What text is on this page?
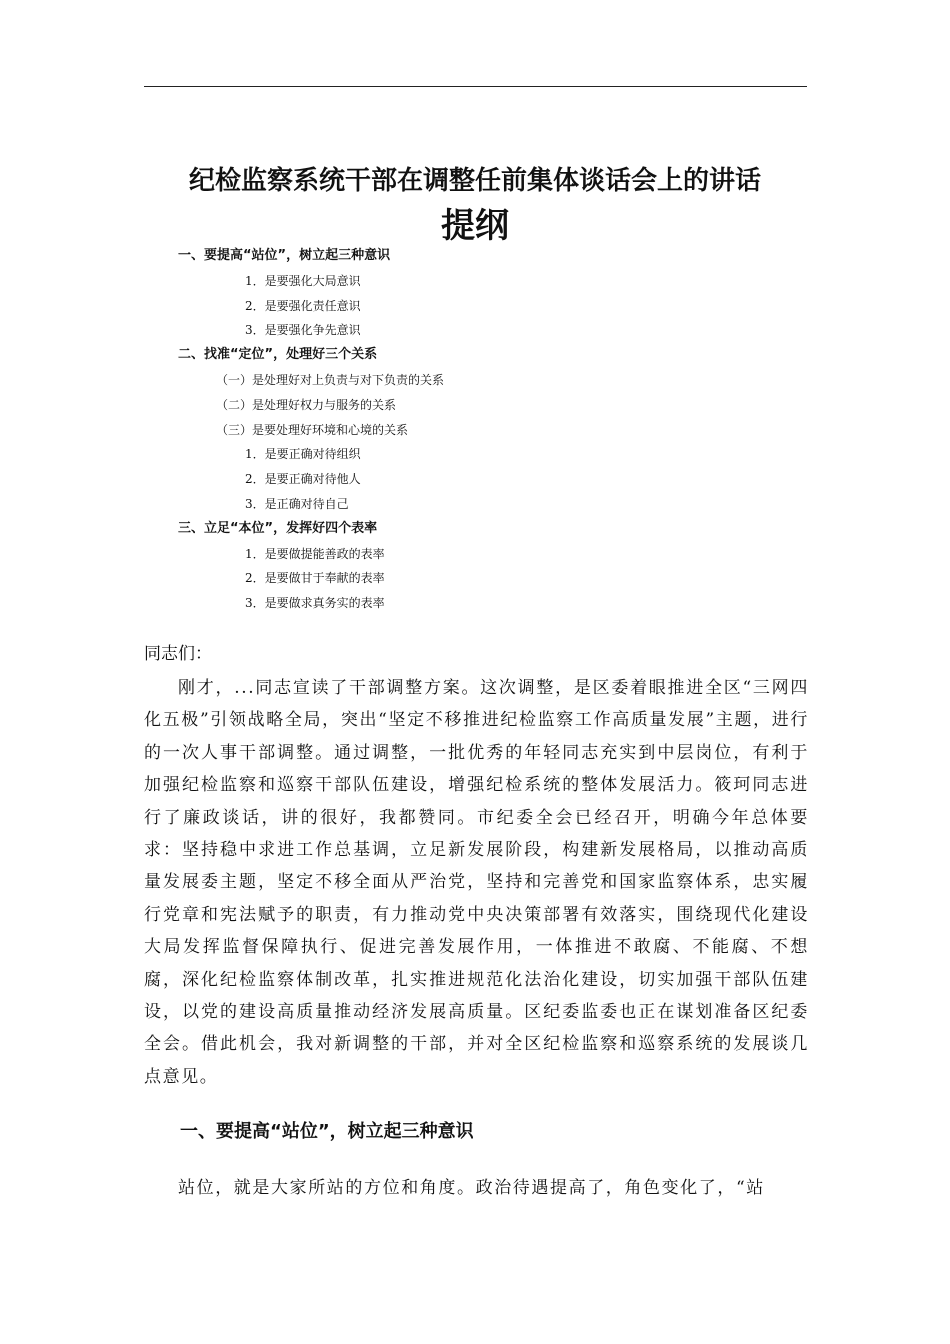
纪检监察系统干部在调整任前集体谈话会上的讲话
提纲
一、要提高“站位”，树立起三种意识
1．是要强化大局意识
2．是要强化责任意识
3．是要强化争先意识
二、找准“定位”，处理好三个关系
（一）是处理好对上负责与对下负责的关系
（二）是处理好权力与服务的关系
（三）是要处理好环境和心境的关系
1．是要正确对待组织
2．是要正确对待他人
3．是正确对待自己
三、立足“本位”，发挥好四个表率
1．是要做提能善政的表率
2．是要做甘于奉献的表率
3．是要做求真务实的表率
同志们：
刚才，...同志宣读了干部调整方案。这次调整，是区委着眼推进全区“三网四化五极”引领战略全局，突出“坚定不移推进纪检监察工作高质量发展”主题，进行的一次人事干部调整。通过调整，一批优秀的年轻同志充实到中层岗位，有利于加强纪检监察和巡察干部队伍建设，增强纪检系统的整体发展活力。筱珂同志进行了廉政谈话，讲的很好，我都赞同。市纪委全会已经召开，明确今年总体要求：坚持稳中求进工作总基调，立足新发展阶段，构建新发展格局，以推动高质量发展委主题，坚定不移全面从严治党，坚持和完善党和国家监察体系，忠实履行党章和宪法赋予的职责，有力推动党中央决策部署有效落实，围绕现代化建设大局发挥监督保障执行、促进完善发展作用，一体推进不敢腐、不能腐、不想腐，深化纪检监察体制改革，扎实推进规范化法治化建设，切实加强干部队伍建设，以党的建设高质量推动经济发展高质量。区纪委监委也正在谋划准备区纪委全会。借此机会，我对新调整的干部，并对全区纪检监察和巡察系统的发展谈几点意见。
一、要提高“站位”，树立起三种意识
站位，就是大家所站的方位和角度。政治待遇提高了，角色变化了，“站
